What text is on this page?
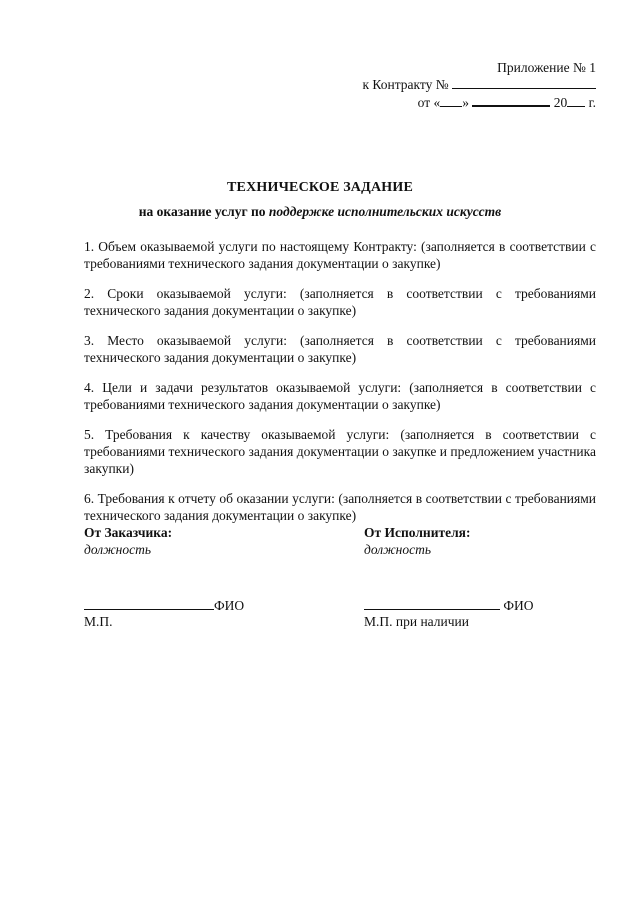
Приложение № 1
к Контракту №
от « »	20 г.
ТЕХНИЧЕСКОЕ ЗАДАНИЕ
на оказание услуг по поддержке исполнительских искусств
1. Объем оказываемой услуги по настоящему Контракту: (заполняется в соответствии с требованиями технического задания документации о закупке)
2. Сроки оказываемой услуги: (заполняется в соответствии с требованиями технического задания документации о закупке)
3. Место оказываемой услуги: (заполняется в соответствии с требованиями технического задания документации о закупке)
4. Цели и задачи результатов оказываемой услуги: (заполняется в соответствии с требованиями технического задания документации о закупке)
5. Требования к качеству оказываемой услуги: (заполняется в соответствии с требованиями технического задания документации о закупке и предложением участника закупки)
6. Требования к отчету об оказании услуги: (заполняется в соответствии с требованиями технического задания документации о закупке)
От Заказчика:
должность
От Исполнителя:
должность
ФИО
М.П.
ФИО
М.П. при наличии
